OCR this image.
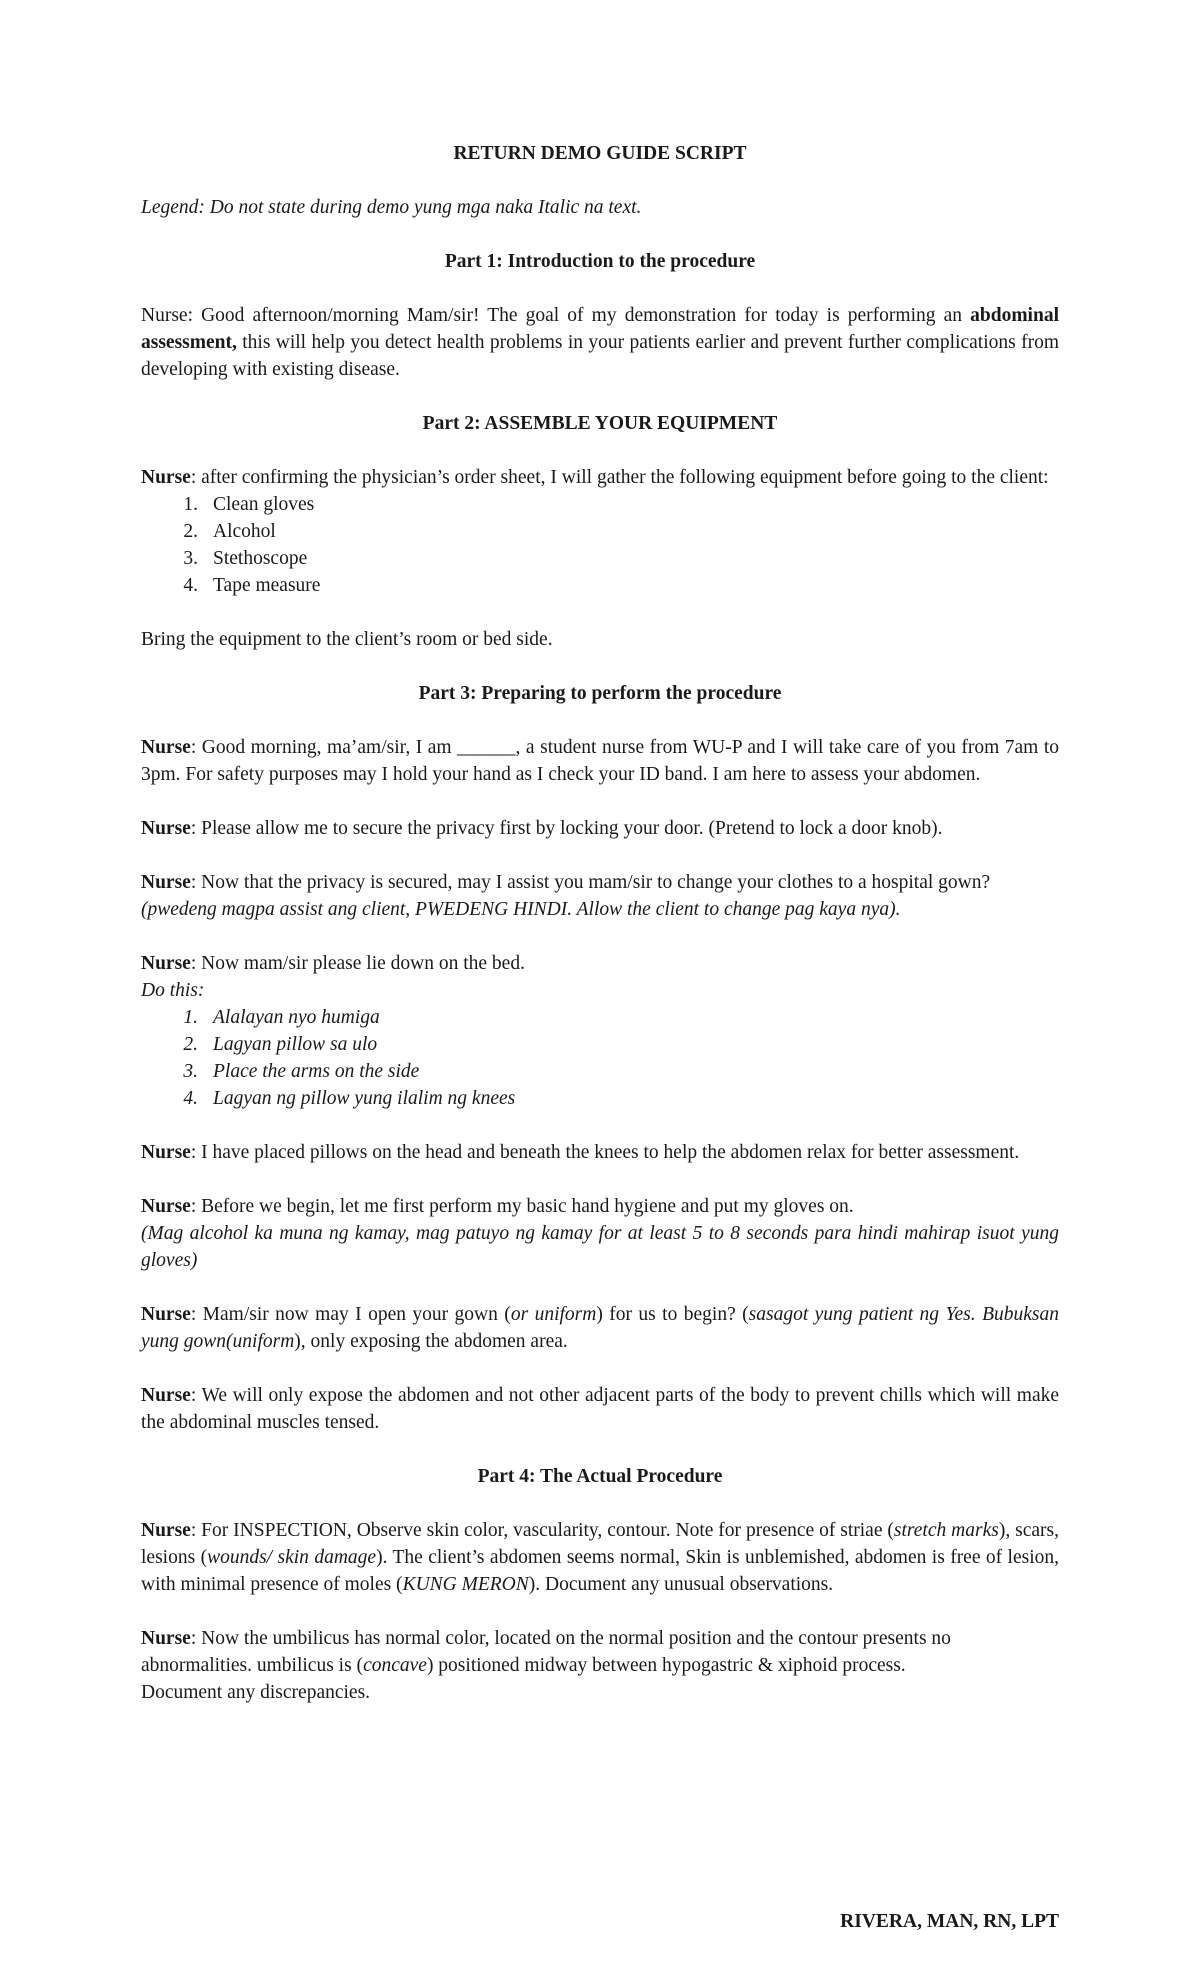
RETURN DEMO GUIDE SCRIPT

Legend: Do not state during demo yung mga naka Italic na text.

Part 1: Introduction to the procedure

Nurse: Good afternoon/morning Mam/sir! The goal of my demonstration for today is performing an abdominal assessment, this will help you detect health problems in your patients earlier and prevent further complications from developing with existing disease.

Part 2: ASSEMBLE YOUR EQUIPMENT

Nurse: after confirming the physician’s order sheet, I will gather the following equipment before going to the client:

1. Clean gloves
2. Alcohol
3. Stethoscope
4. Tape measure

Bring the equipment to the client’s room or bed side.

Part 3: Preparing to perform the procedure

Nurse: Good morning, ma’am/sir, I am ______, a student nurse from WU-P and I will take care of you from 7am to 3pm. For safety purposes may I hold your hand as I check your ID band. I am here to assess your abdomen.

Nurse: Please allow me to secure the privacy first by locking your door. (Pretend to lock a door knob).

Nurse: Now that the privacy is secured, may I assist you mam/sir to change your clothes to a hospital gown?

(pwedeng magpa assist ang client, PWEDENG HINDI. Allow the client to change pag kaya nya).

Nurse: Now mam/sir please lie down on the bed.

Do this:

1. Alalayan nyo humiga
2. Lagyan pillow sa ulo
3. Place the arms on the side
4. Lagyan ng pillow yung ilalim ng knees

Nurse: I have placed pillows on the head and beneath the knees to help the abdomen relax for better assessment.

Nurse: Before we begin, let me first perform my basic hand hygiene and put my gloves on.

(Mag alcohol ka muna ng kamay, mag patuyo ng kamay for at least 5 to 8 seconds para hindi mahirap isuot yung gloves)

Nurse: Mam/sir now may I open your gown (or uniform) for us to begin? (sasagot yung patient ng Yes. Bubuksan yung gown(uniform), only exposing the abdomen area.

Nurse: We will only expose the abdomen and not other adjacent parts of the body to prevent chills which will make the abdominal muscles tensed.

Part 4: The Actual Procedure

Nurse: For INSPECTION, Observe skin color, vascularity, contour. Note for presence of striae (stretch marks), scars, lesions (wounds/ skin damage). The client’s abdomen seems normal, Skin is unblemished, abdomen is free of lesion, with minimal presence of moles (KUNG MERON). Document any unusual observations.

Nurse: Now the umbilicus has normal color, located on the normal position and the contour presents no abnormalities. umbilicus is (concave) positioned midway between hypogastric & xiphoid process.
Document any discrepancies.

RIVERA, MAN, RN, LPT
